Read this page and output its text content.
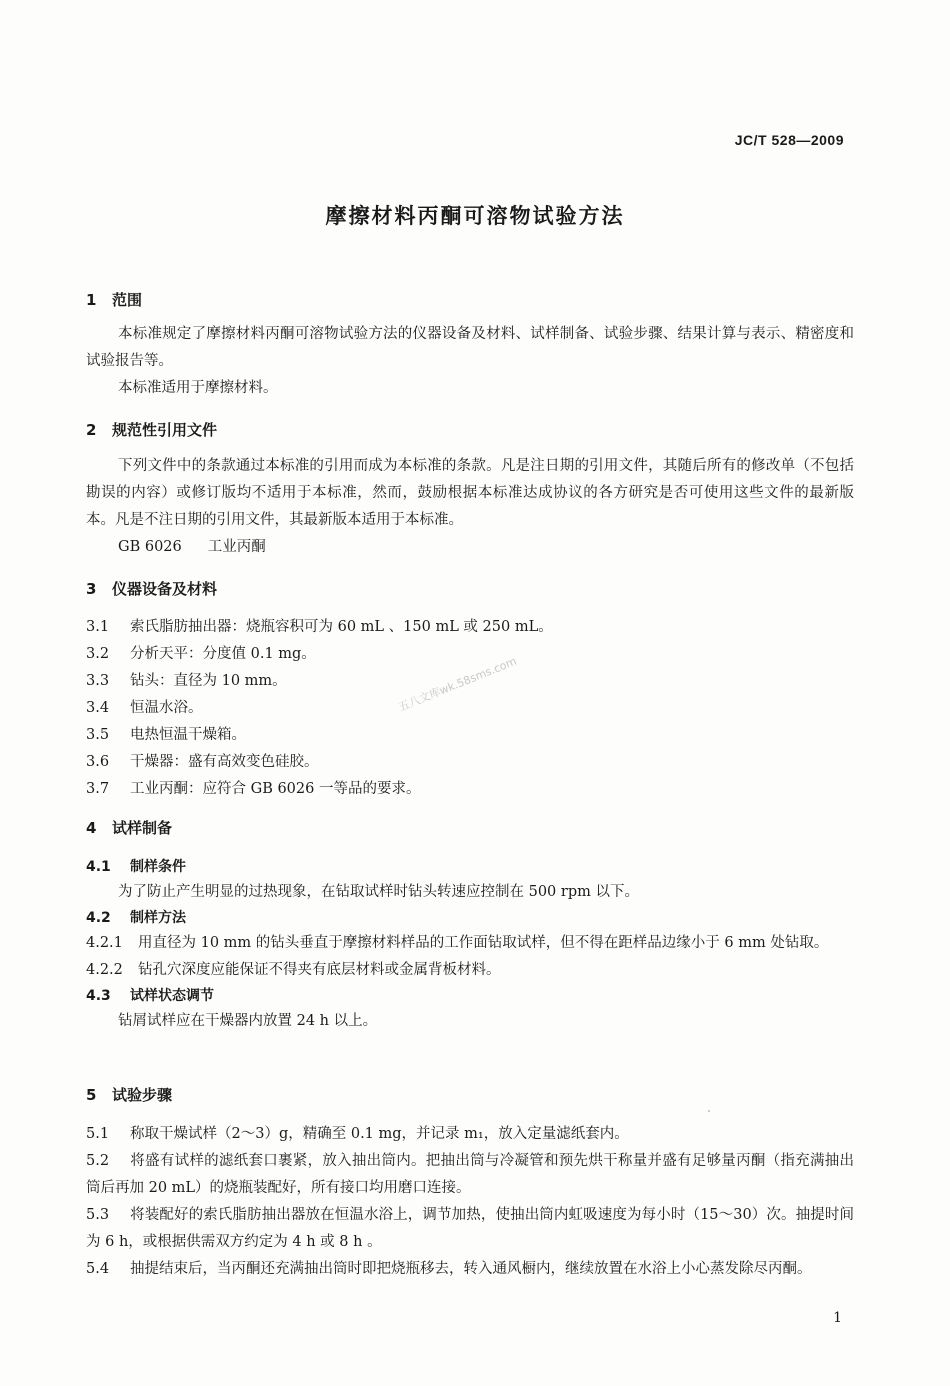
JC/T 528—2009
摩擦材料丙酮可溶物试验方法
1 范围
本标准规定了摩擦材料丙酮可溶物试验方法的仪器设备及材料、试样制备、试验步骤、结果计算与表示、精密度和试验报告等。
本标准适用于摩擦材料。
2 规范性引用文件
下列文件中的条款通过本标准的引用而成为本标准的条款。凡是注日期的引用文件，其随后所有的修改单（不包括勘误的内容）或修订版均不适用于本标准，然而，鼓励根据本标准达成协议的各方研究是否可使用这些文件的最新版本。凡是不注日期的引用文件，其最新版本适用于本标准。
GB 6026 工业丙酮
3 仪器设备及材料
3.1 索氏脂肪抽出器：烧瓶容积可为 60 mL 、150 mL 或 250 mL。
3.2 分析天平：分度值 0.1 mg。
3.3 钻头：直径为 10 mm。
3.4 恒温水浴。
3.5 电热恒温干燥箱。
3.6 干燥器：盛有高效变色硅胶。
3.7 工业丙酮：应符合 GB 6026 一等品的要求。
4 试样制备
4.1 制样条件
为了防止产生明显的过热现象，在钻取试样时钻头转速应控制在 500 rpm 以下。
4.2 制样方法
4.2.1 用直径为 10 mm 的钻头垂直于摩擦材料样品的工作面钻取试样，但不得在距样品边缘小于 6 mm 处钻取。
4.2.2 钻孔穴深度应能保证不得夹有底层材料或金属背板材料。
4.3 试样状态调节
钻屑试样应在干燥器内放置 24 h 以上。
5 试验步骤
5.1 称取干燥试样（2～3）g，精确至 0.1 mg，并记录 m₁，放入定量滤纸套内。
5.2 将盛有试样的滤纸套口裹紧，放入抽出筒内。把抽出筒与冷凝管和预先烘干称量并盛有足够量丙酮（指充满抽出筒后再加 20 mL）的烧瓶装配好，所有接口均用磨口连接。
5.3 将装配好的索氏脂肪抽出器放在恒温水浴上，调节加热，使抽出筒内虹吸速度为每小时（15～30）次。抽提时间为 6 h，或根据供需双方约定为 4 h 或 8 h 。
5.4 抽提结束后，当丙酮还充满抽出筒时即把烧瓶移去，转入通风橱内，继续放置在水浴上小心蒸发除尽丙酮。
1
五八文库wk.58sms.com
